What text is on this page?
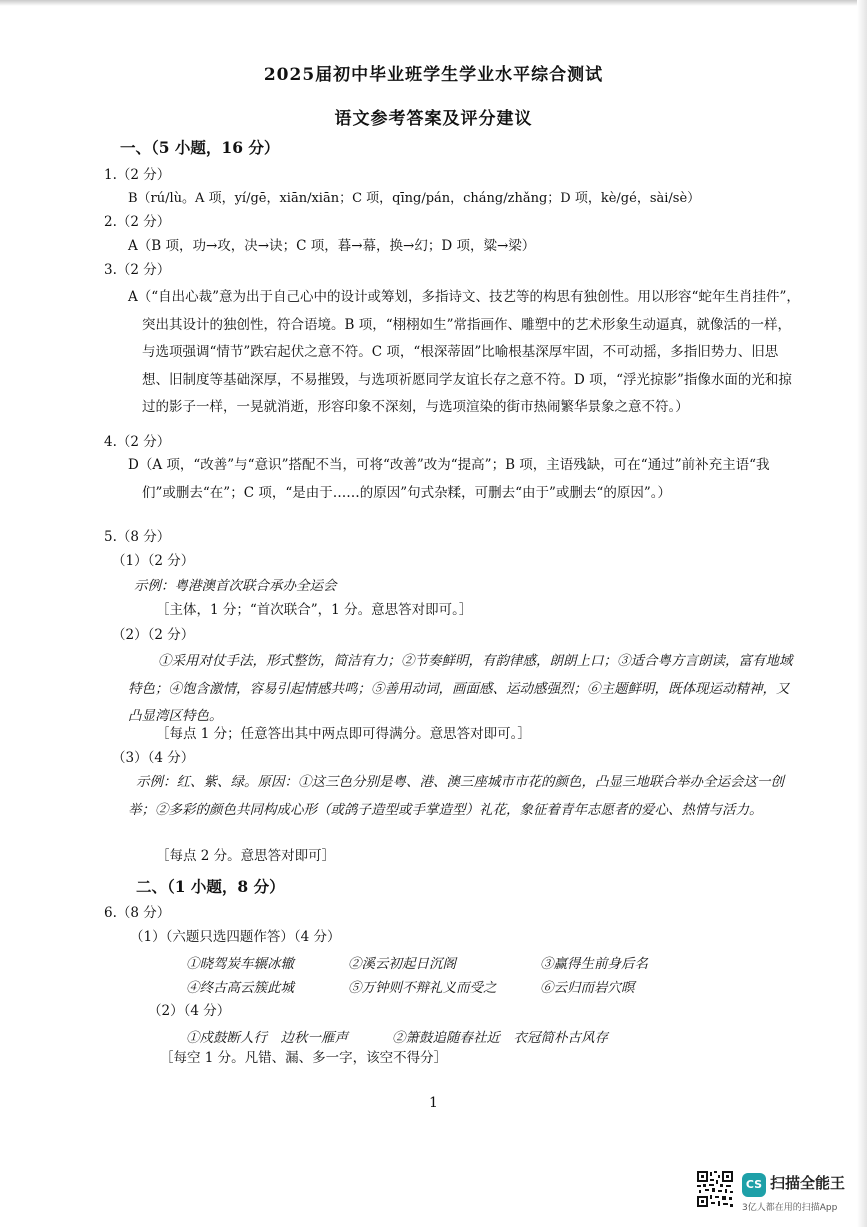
2025届初中毕业班学生学业水平综合测试
语文参考答案及评分建议
一、（5 小题，16 分）
1.（2 分）
B（rú/lù。A 项，yí/gē，xiān/xiān；C 项，qīng/pán，cháng/zhǎng；D 项，kè/gé，sài/sè）
2.（2 分）
A（B 项，功→攻，决→诀；C 项，暮→幕，换→幻；D 项，粱→梁）
3.（2 分）
A（“自出心裁”意为出于自己心中的设计或筹划，多指诗文、技艺等的构思有独创性。用以形容“蛇年生肖挂件”，突出其设计的独创性，符合语境。B 项，“栩栩如生”常指画作、雕塑中的艺术形象生动逼真，就像活的一样，与选项强调“情节”跌宕起伏之意不符。C 项，“根深蒂固”比喻根基深厚牢固，不可动摇，多指旧势力、旧思想、旧制度等基础深厚，不易摧毁，与选项祈愿同学友谊长存之意不符。D 项，“浮光掠影”指像水面的光和掠过的影子一样，一晃就消逝，形容印象不深刻，与选项渲染的街市热闹繁华景象之意不符。）
4.（2 分）
D（A 项，“改善”与“意识”搭配不当，可将“改善”改为“提高”；B 项，主语残缺，可在“通过”前补充主语“我们”或删去“在”；C 项，“是由于……的原因”句式杂糅，可删去“由于”或删去“的原因”。）
5.（8 分）
（1）（2 分）
示例：粤港澳首次联合承办全运会
［主体，1 分；“首次联合”，1 分。意思答对即可。］
（2）（2 分）
①采用对仗手法，形式整饬，简洁有力；②节奏鲜明，有韵律感，朗朗上口；③适合粤方言朗读，富有地域特色；④饱含激情，容易引起情感共鸣；⑤善用动词，画面感、运动感强烈；⑥主题鲜明，既体现运动精神，又凸显湾区特色。
［每点 1 分；任意答出其中两点即可得满分。意思答对即可。］
（3）（4 分）
示例：红、紫、绿。原因：①这三色分别是粤、港、澳三座城市市花的颜色，凸显三地联合举办全运会这一创举；②多彩的颜色共同构成心形（或鸽子造型或手掌造型）礼花，象征着青年志愿者的爱心、热情与活力。
［每点 2 分。意思答对即可］
二、（1 小题，8 分）
6.（8 分）
（1）（六题只选四题作答）（4 分）
①晓驾炭车辗冰辙	②溪云初起日沉阁	③赢得生前身后名
④终古高云簇此城	⑤万钟则不辩礼义而受之	⑥云归而岩穴暝
（2）（4 分）
①戍鼓断人行　边秋一雁声	②箫鼓追随春社近　衣冠简朴古风存
［每空 1 分。凡错、漏、多一字，该空不得分］
1
CS 扫描全能王
3亿人都在用的扫描App
